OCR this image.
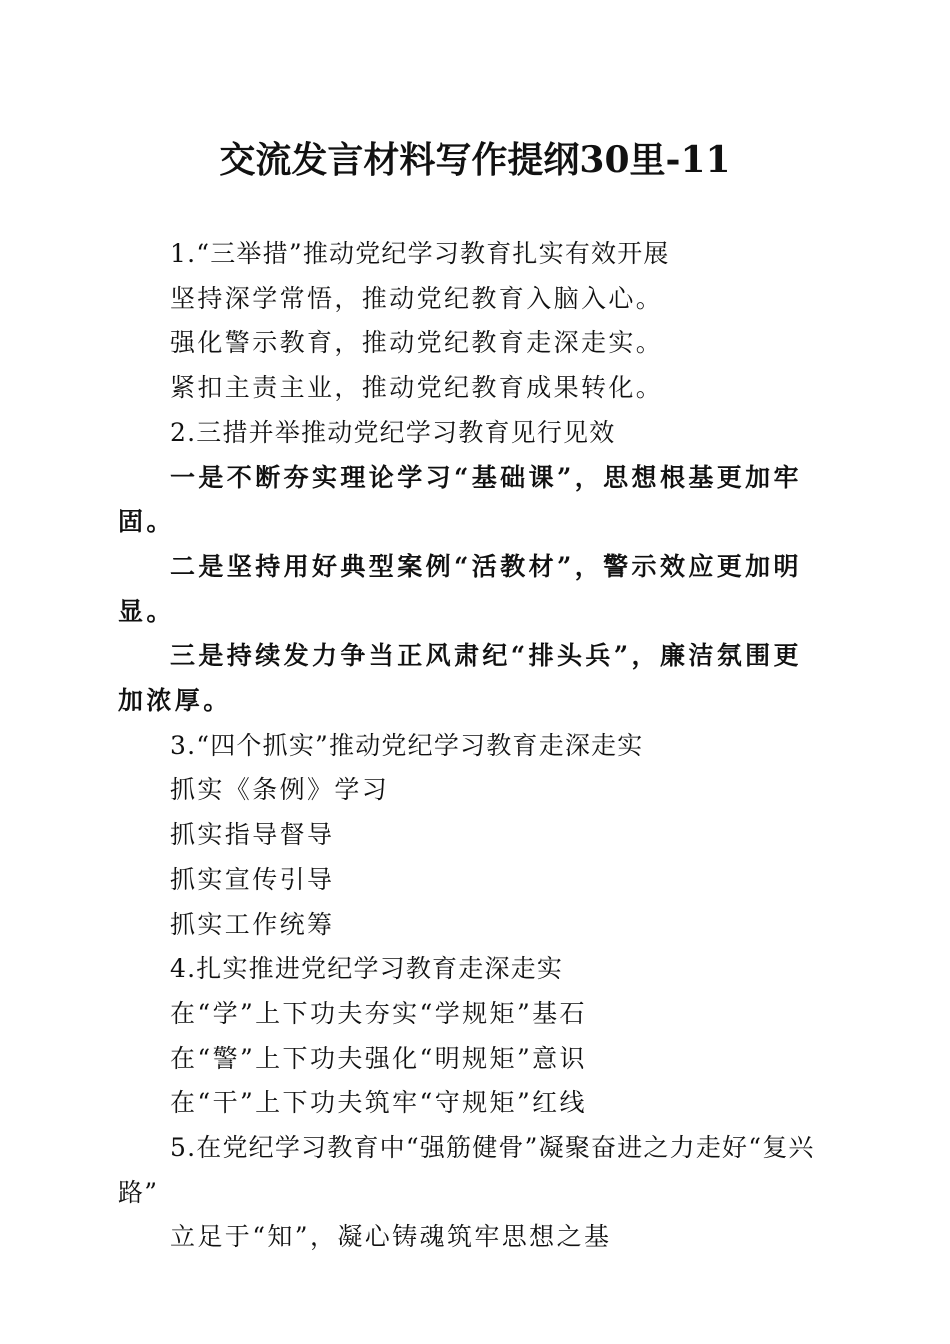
交流发言材料写作提纲30里-11

1.“三举措”推动党纪学习教育扎实有效开展

坚持深学常悟，推动党纪教育入脑入心。

强化警示教育，推动党纪教育走深走实。

紧扣主责主业，推动党纪教育成果转化。

2.三措并举推动党纪学习教育见行见效

一是不断夯实理论学习“基础课”，思想根基更加牢固。

二是坚持用好典型案例“活教材”，警示效应更加明显。

三是持续发力争当正风肃纪“排头兵”，廉洁氛围更加浓厚。

3.“四个抓实”推动党纪学习教育走深走实

抓实《条例》学习

抓实指导督导

抓实宣传引导

抓实工作统筹

4.扎实推进党纪学习教育走深走实

在“学”上下功夫夯实“学规矩”基石

在“警”上下功夫强化“明规矩”意识

在“干”上下功夫筑牢“守规矩”红线

5.在党纪学习教育中“强筋健骨”凝聚奋进之力走好“复兴路”

立足于“知”，凝心铸魂筑牢思想之基
